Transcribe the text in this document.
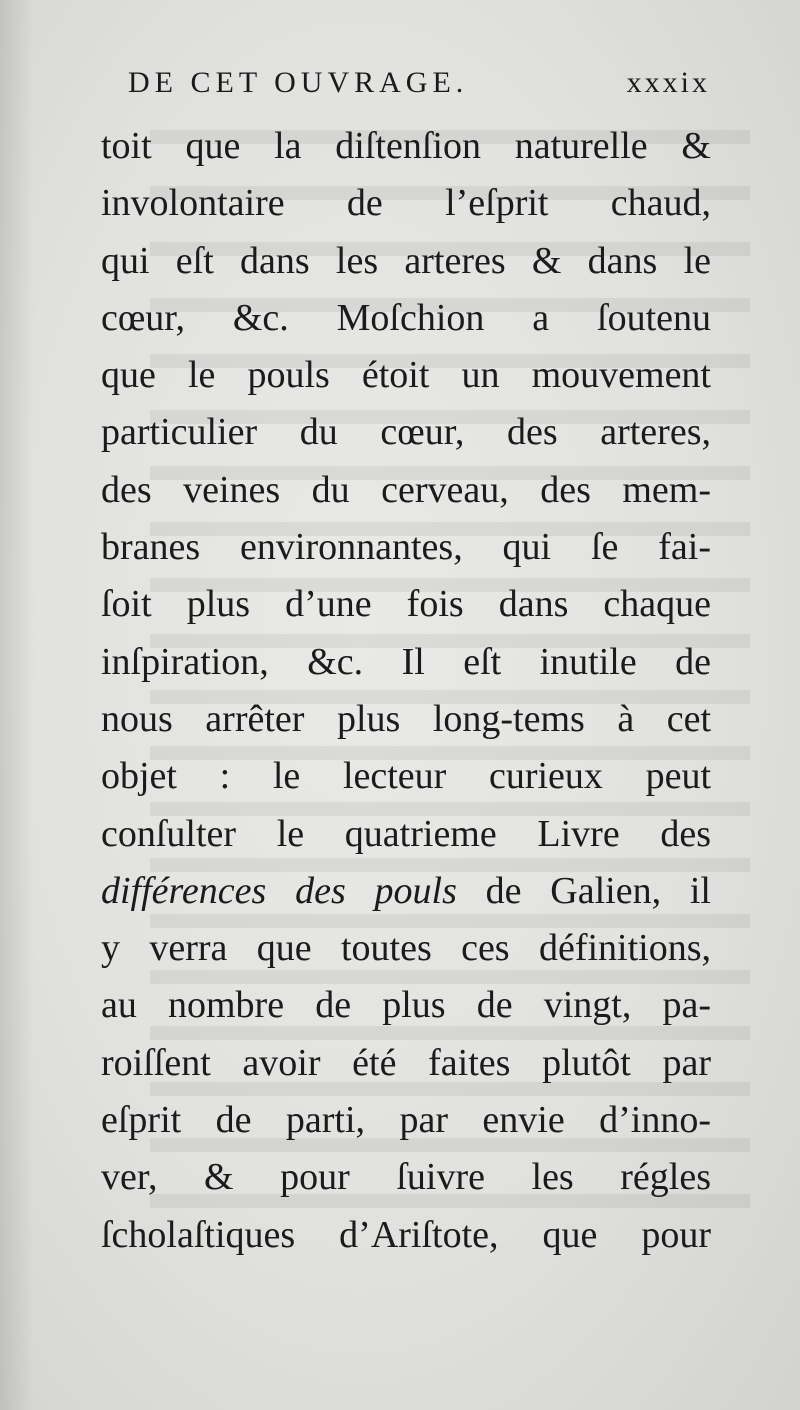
DE CET OUVRAGE.	xxxix
toit que la diſtenſion naturelle &
involontaire de l’eſprit chaud,
qui eſt dans les arteres & dans le
cœur, &c. Moſchion a ſoutenu
que le pouls étoit un mouvement
particulier du cœur, des arteres,
des veines du cerveau, des mem-
branes environnantes, qui ſe fai-
ſoit plus d’une fois dans chaque
inſpiration, &c. Il eſt inutile de
nous arrêter plus long-tems à cet
objet : le lecteur curieux peut
conſulter le quatrieme Livre des
différences des pouls de Galien, il
y verra que toutes ces définitions,
au nombre de plus de vingt, pa-
roiſſent avoir été faites plutôt par
eſprit de parti, par envie d’inno-
ver, & pour ſuivre les régles
ſcholaſtiques d’Ariſtote, que pour
